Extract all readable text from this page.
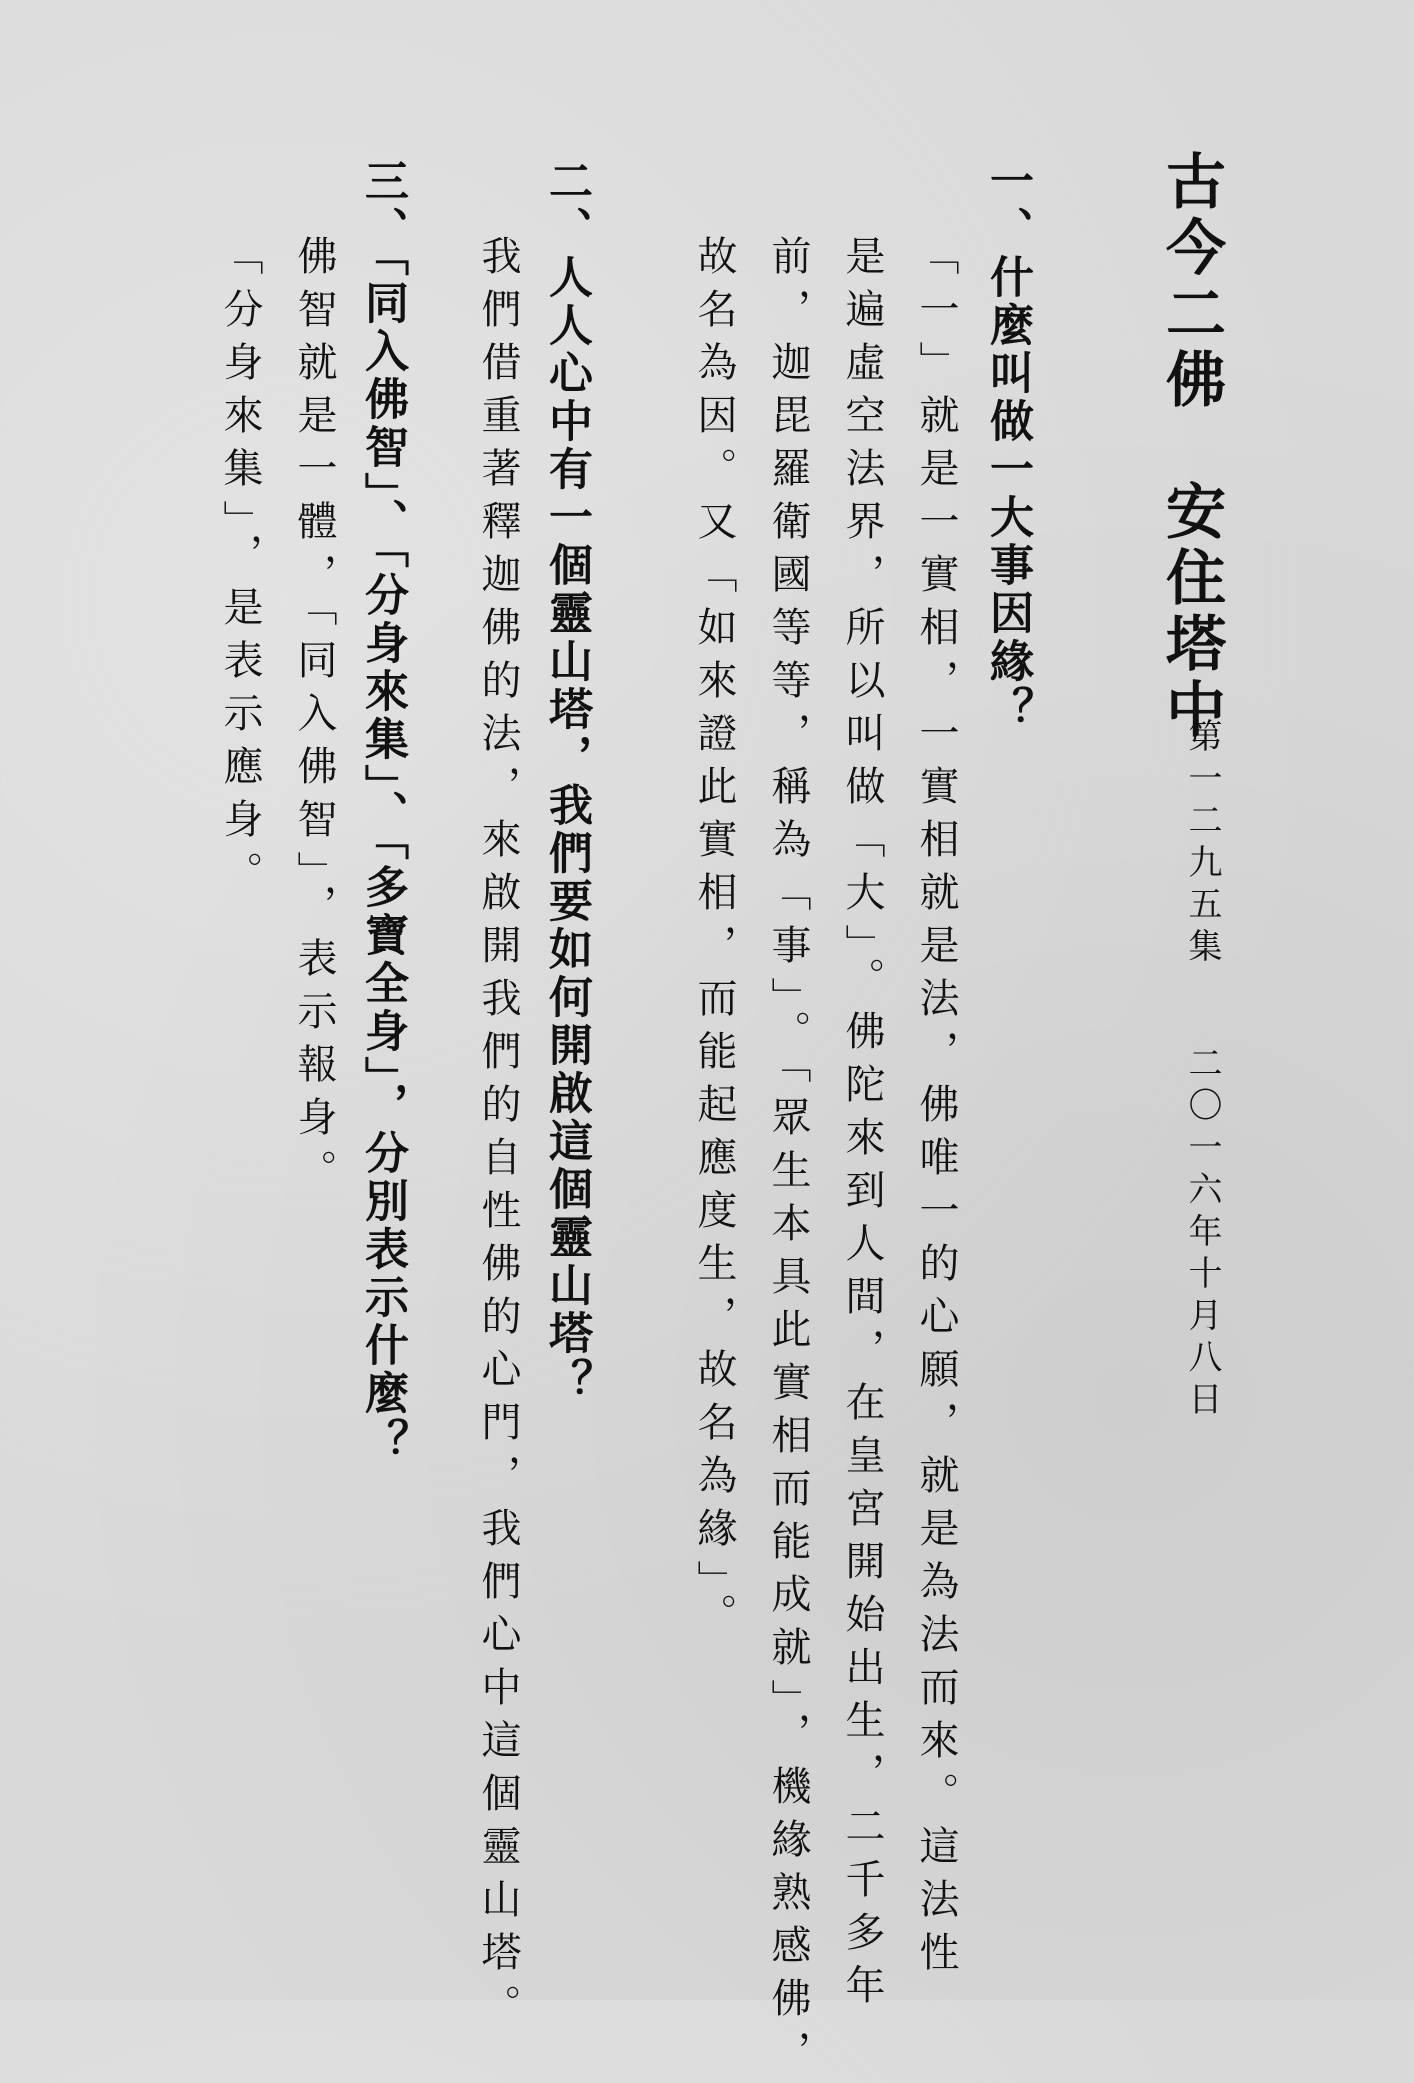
古今二佛　安住塔中
第一二九五集
二〇一六年十月八日
一、什麼叫做一大事因緣？
「一」就是一實相，一實相就是法，佛唯一的心願，就是為法而來。這法性
是遍虛空法界，所以叫做「大」。佛陀來到人間，在皇宮開始出生，二千多年
前，迦毘羅衛國等等，稱為「事」。「眾生本具此實相而能成就」，機緣熟感佛，
故名為因。又「如來證此實相，而能起應度生，故名為緣」。
二、人人心中有一個靈山塔，我們要如何開啟這個靈山塔？
我們借重著釋迦佛的法，來啟開我們的自性佛的心門，我們心中這個靈山塔。
三、「同入佛智」、「分身來集」、「多寶全身」，分別表示什麼？
佛智就是一體，「同入佛智」，表示報身。
「分身來集」，是表示應身。
